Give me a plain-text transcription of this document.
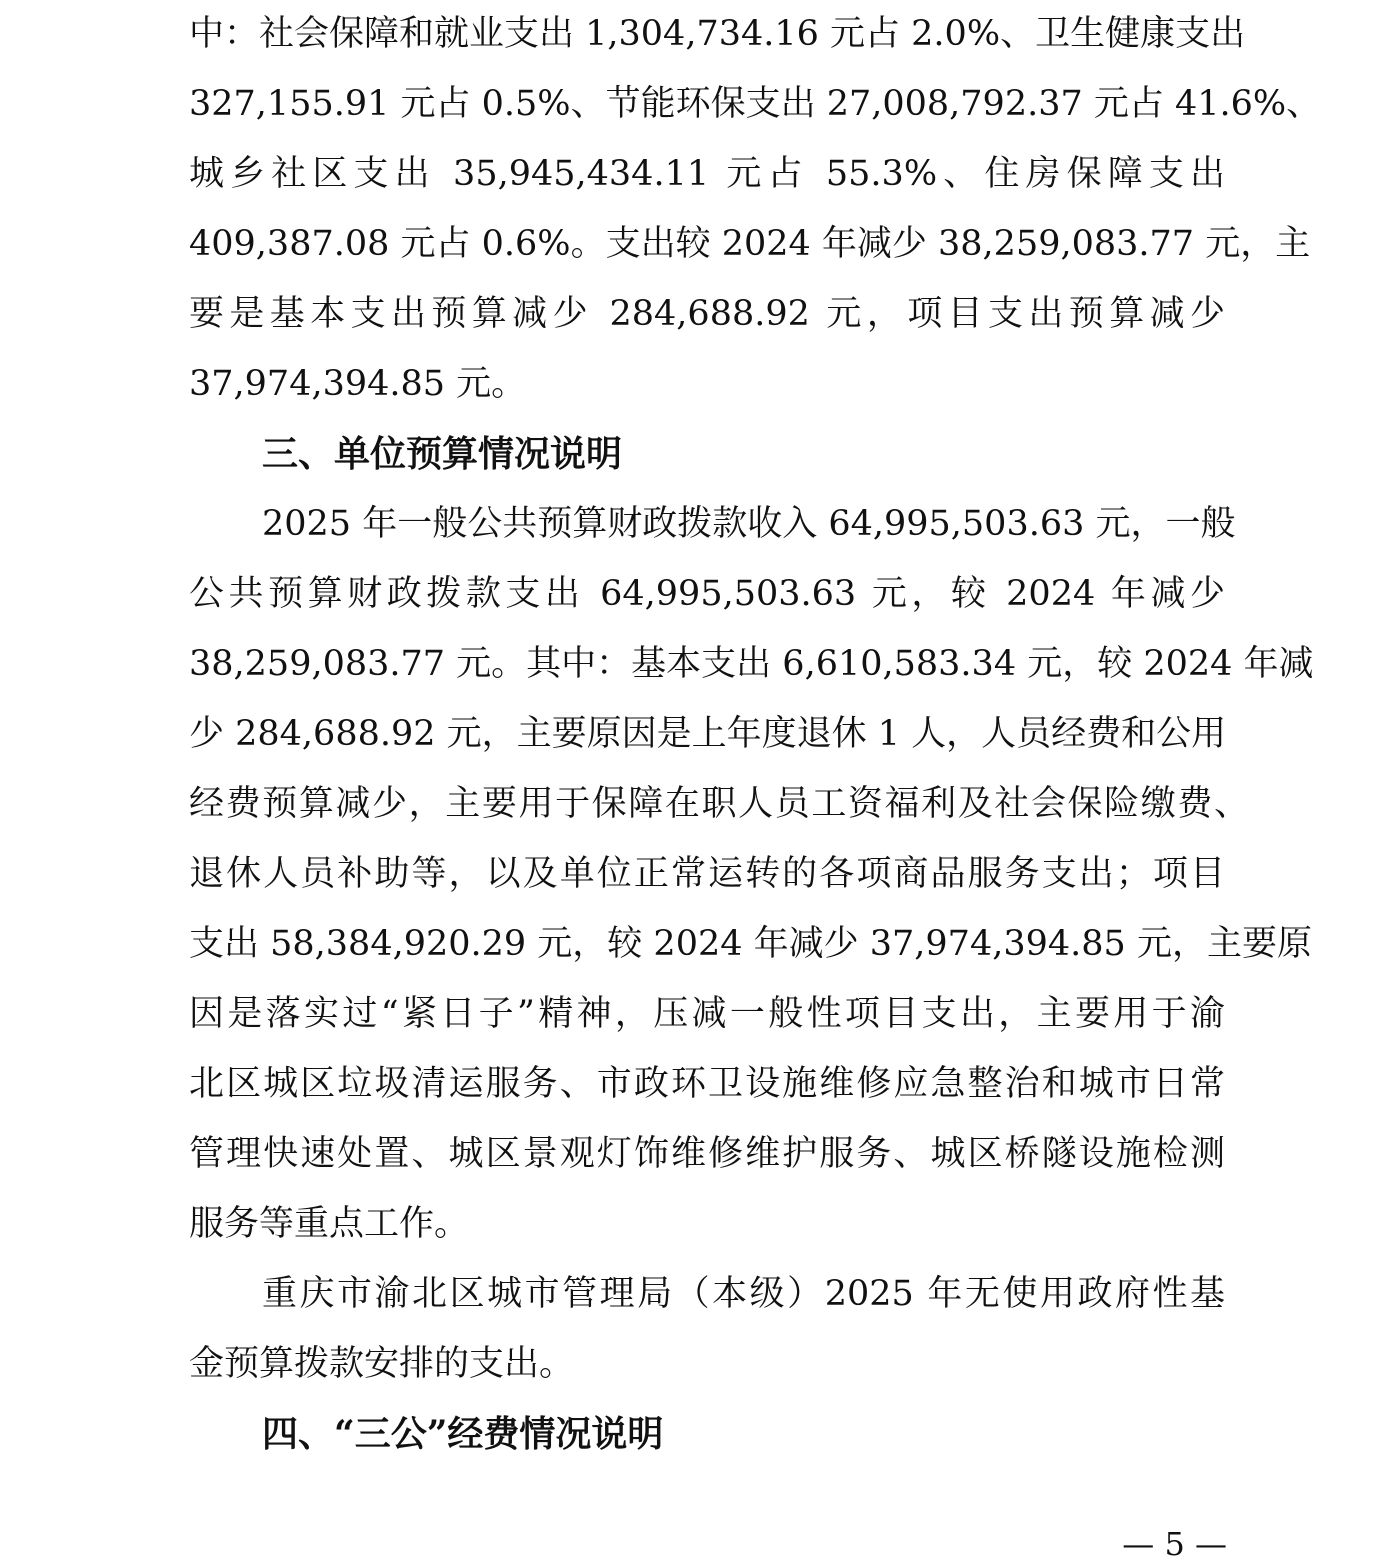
中：社会保障和就业支出 1,304,734.16 元占 2.0%、卫生健康支出
327,155.91 元占 0.5%、节能环保支出 27,008,792.37 元占 41.6%、
城乡社区支出 35,945,434.11 元占 55.3%、住房保障支出
409,387.08 元占 0.6%。支出较 2024 年减少 38,259,083.77 元，主
要是基本支出预算减少 284,688.92 元，项目支出预算减少
37,974,394.85 元。
三、单位预算情况说明
2025 年一般公共预算财政拨款收入 64,995,503.63 元，一般
公共预算财政拨款支出 64,995,503.63 元，较 2024 年减少
38,259,083.77 元。其中：基本支出 6,610,583.34 元，较 2024 年减
少 284,688.92 元，主要原因是上年度退休 1 人，人员经费和公用
经费预算减少，主要用于保障在职人员工资福利及社会保险缴费、
退休人员补助等，以及单位正常运转的各项商品服务支出；项目
支出 58,384,920.29 元，较 2024 年减少 37,974,394.85 元，主要原
因是落实过“紧日子”精神，压减一般性项目支出，主要用于渝
北区城区垃圾清运服务、市政环卫设施维修应急整治和城市日常
管理快速处置、城区景观灯饰维修维护服务、城区桥隧设施检测
服务等重点工作。
重庆市渝北区城市管理局（本级）2025 年无使用政府性基
金预算拨款安排的支出。
四、“三公”经费情况说明
— 5 —
